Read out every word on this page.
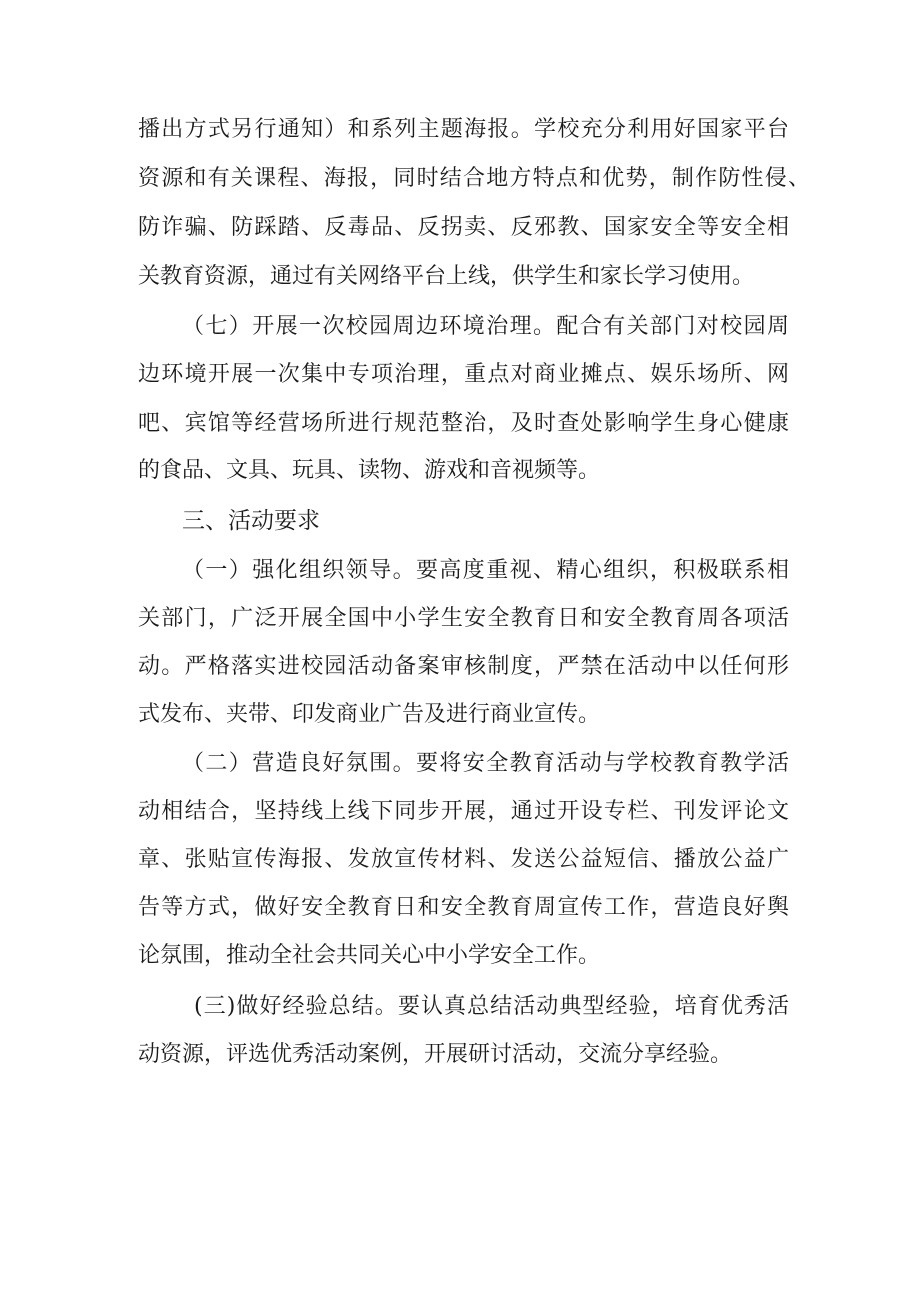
播出方式另行通知）和系列主题海报。学校充分利用好国家平台
资源和有关课程、海报，同时结合地方特点和优势，制作防性侵、
防诈骗、防踩踏、反毒品、反拐卖、反邪教、国家安全等安全相
关教育资源，通过有关网络平台上线，供学生和家长学习使用。
（七）开展一次校园周边环境治理。配合有关部门对校园周
边环境开展一次集中专项治理，重点对商业摊点、娱乐场所、网
吧、宾馆等经营场所进行规范整治，及时查处影响学生身心健康
的食品、文具、玩具、读物、游戏和音视频等。
三、活动要求
（一）强化组织领导。要高度重视、精心组织，积极联系相
关部门，广泛开展全国中小学生安全教育日和安全教育周各项活
动。严格落实进校园活动备案审核制度，严禁在活动中以任何形
式发布、夹带、印发商业广告及进行商业宣传。
（二）营造良好氛围。要将安全教育活动与学校教育教学活
动相结合，坚持线上线下同步开展，通过开设专栏、刊发评论文
章、张贴宣传海报、发放宣传材料、发送公益短信、播放公益广
告等方式，做好安全教育日和安全教育周宣传工作，营造良好舆
论氛围，推动全社会共同关心中小学安全工作。
(三)做好经验总结。要认真总结活动典型经验，培育优秀活
动资源，评选优秀活动案例，开展研讨活动，交流分享经验。
